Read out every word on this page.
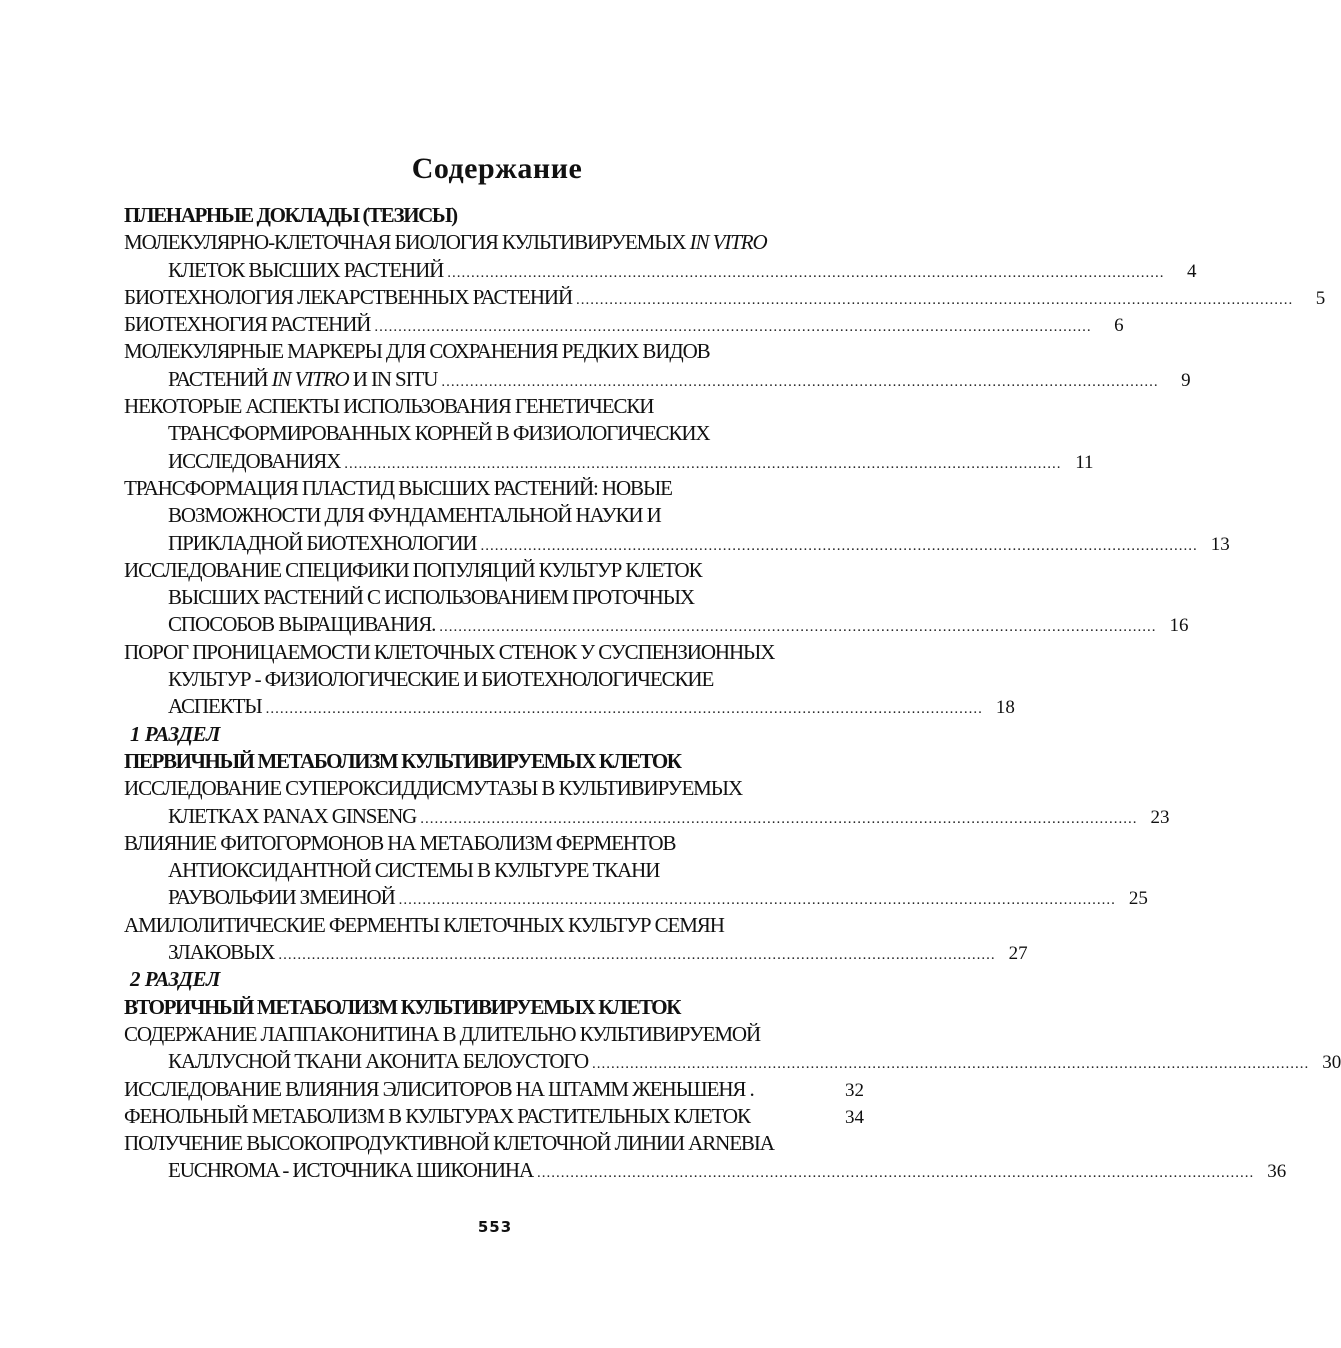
Содержание
ПЛЕНАРНЫЕ ДОКЛАДЫ (ТЕЗИСЫ)
МОЛЕКУЛЯРНО-КЛЕТОЧНАЯ БИОЛОГИЯ КУЛЬТИВИРУЕМЫХ IN VITRO
КЛЕТОК ВЫСШИХ РАСТЕНИЙ .......................................................................................................................................................	4
БИОТЕХНОЛОГИЯ ЛЕКАРСТВЕННЫХ РАСТЕНИЙ .......................................................................................................................................................	5
БИОТЕХНОГИЯ РАСТЕНИЙ .......................................................................................................................................................	6
МОЛЕКУЛЯРНЫЕ МАРКЕРЫ ДЛЯ СОХРАНЕНИЯ РЕДКИХ ВИДОВ
РАСТЕНИЙ IN VITRO И IN SITU .......................................................................................................................................................	9
НЕКОТОРЫЕ АСПЕКТЫ ИСПОЛЬЗОВАНИЯ ГЕНЕТИЧЕСКИ
ТРАНСФОРМИРОВАННЫХ КОРНЕЙ В ФИЗИОЛОГИЧЕСКИХ
ИССЛЕДОВАНИЯХ ....................................................................................................................................................... 11
ТРАНСФОРМАЦИЯ ПЛАСТИД ВЫСШИХ РАСТЕНИЙ: НОВЫЕ
ВОЗМОЖНОСТИ ДЛЯ ФУНДАМЕНТАЛЬНОЙ НАУКИ И
ПРИКЛАДНОЙ БИОТЕХНОЛОГИИ ....................................................................................................................................................... 13
ИССЛЕДОВАНИЕ СПЕЦИФИКИ ПОПУЛЯЦИЙ КУЛЬТУР КЛЕТОК
ВЫСШИХ РАСТЕНИЙ С ИСПОЛЬЗОВАНИЕМ ПРОТОЧНЫХ
СПОСОБОВ ВЫРАЩИВАНИЯ. ....................................................................................................................................................... 16
ПОРОГ ПРОНИЦАЕМОСТИ КЛЕТОЧНЫХ СТЕНОК У СУСПЕНЗИОННЫХ
КУЛЬТУР - ФИЗИОЛОГИЧЕСКИЕ И БИОТЕХНОЛОГИЧЕСКИЕ
АСПЕКТЫ ....................................................................................................................................................... 18
1 РАЗДЕЛ
ПЕРВИЧНЫЙ МЕТАБОЛИЗМ КУЛЬТИВИРУЕМЫХ КЛЕТОК
ИССЛЕДОВАНИЕ СУПЕРОКСИДДИСМУТАЗЫ В КУЛЬТИВИРУЕМЫХ
КЛЕТКАХ PANAX GINSENG ....................................................................................................................................................... 23
ВЛИЯНИЕ ФИТОГОРМОНОВ НА МЕТАБОЛИЗМ ФЕРМЕНТОВ
АНТИОКСИДАНТНОЙ СИСТЕМЫ В КУЛЬТУРЕ ТКАНИ
РАУВОЛЬФИИ ЗМЕИНОЙ ....................................................................................................................................................... 25
АМИЛОЛИТИЧЕСКИЕ ФЕРМЕНТЫ КЛЕТОЧНЫХ КУЛЬТУР СЕМЯН
ЗЛАКОВЫХ ....................................................................................................................................................... 27
2 РАЗДЕЛ
ВТОРИЧНЫЙ МЕТАБОЛИЗМ КУЛЬТИВИРУЕМЫХ КЛЕТОК
СОДЕРЖАНИЕ ЛАППАКОНИТИНА В ДЛИТЕЛЬНО КУЛЬТИВИРУЕМОЙ
КАЛЛУСНОЙ ТКАНИ АКОНИТА БЕЛОУСТОГО ....................................................................................................................................................... 30
ИССЛЕДОВАНИЕ ВЛИЯНИЯ ЭЛИСИТОРОВ НА ШТАММ ЖЕНЬШЕНЯ .	32
ФЕНОЛЬНЫЙ МЕТАБОЛИЗМ В КУЛЬТУРАХ РАСТИТЕЛЬНЫХ КЛЕТОК	34
ПОЛУЧЕНИЕ ВЫСОКОПРОДУКТИВНОЙ КЛЕТОЧНОЙ ЛИНИИ ARNEBIA
EUCHROMA - ИСТОЧНИКА ШИКОНИНА ....................................................................................................................................................... 36
553
